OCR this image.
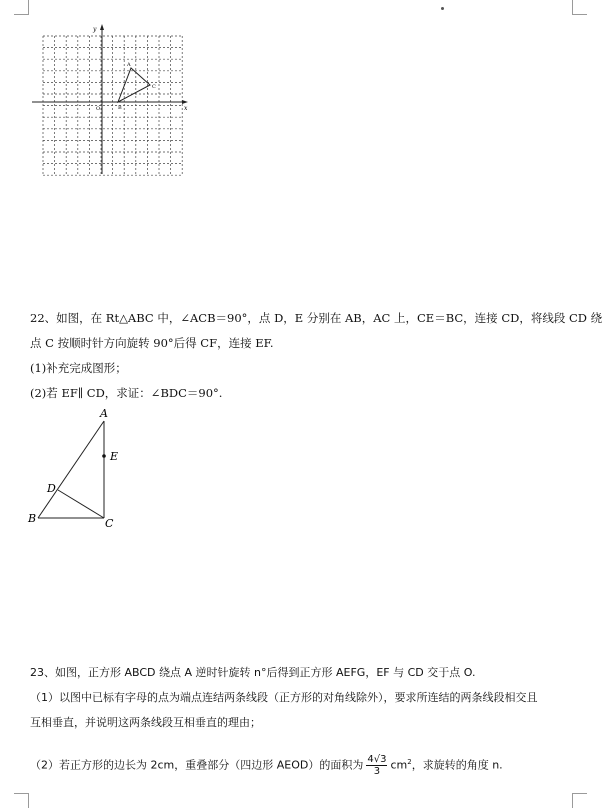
y
x
O
A
B
C
22、如图，在 Rt△ABC 中，∠ACB＝90°，点 D，E 分别在 AB，AC 上，CE＝BC，连接 CD，将线段 CD 绕
点 C 按顺时针方向旋转 90°后得 CF，连接 EF.
(1)补充完成图形；
(2)若 EF∥ CD，求证：∠BDC＝90°.
A
E
D
B	C
23、如图，正方形 ABCD 绕点 A 逆时针旋转 n°后得到正方形 AEFG，EF 与 CD 交于点 O.
（1）以图中已标有字母的点为端点连结两条线段（正方形的对角线除外），要求所连结的两条线段相交且
互相垂直，并说明这两条线段互相垂直的理由；
（2）若正方形的边长为 2cm，重叠部分（四边形 AEOD）的面积为 $\frac{4√3}{3} cm^2$，求旋转的角度 n.
